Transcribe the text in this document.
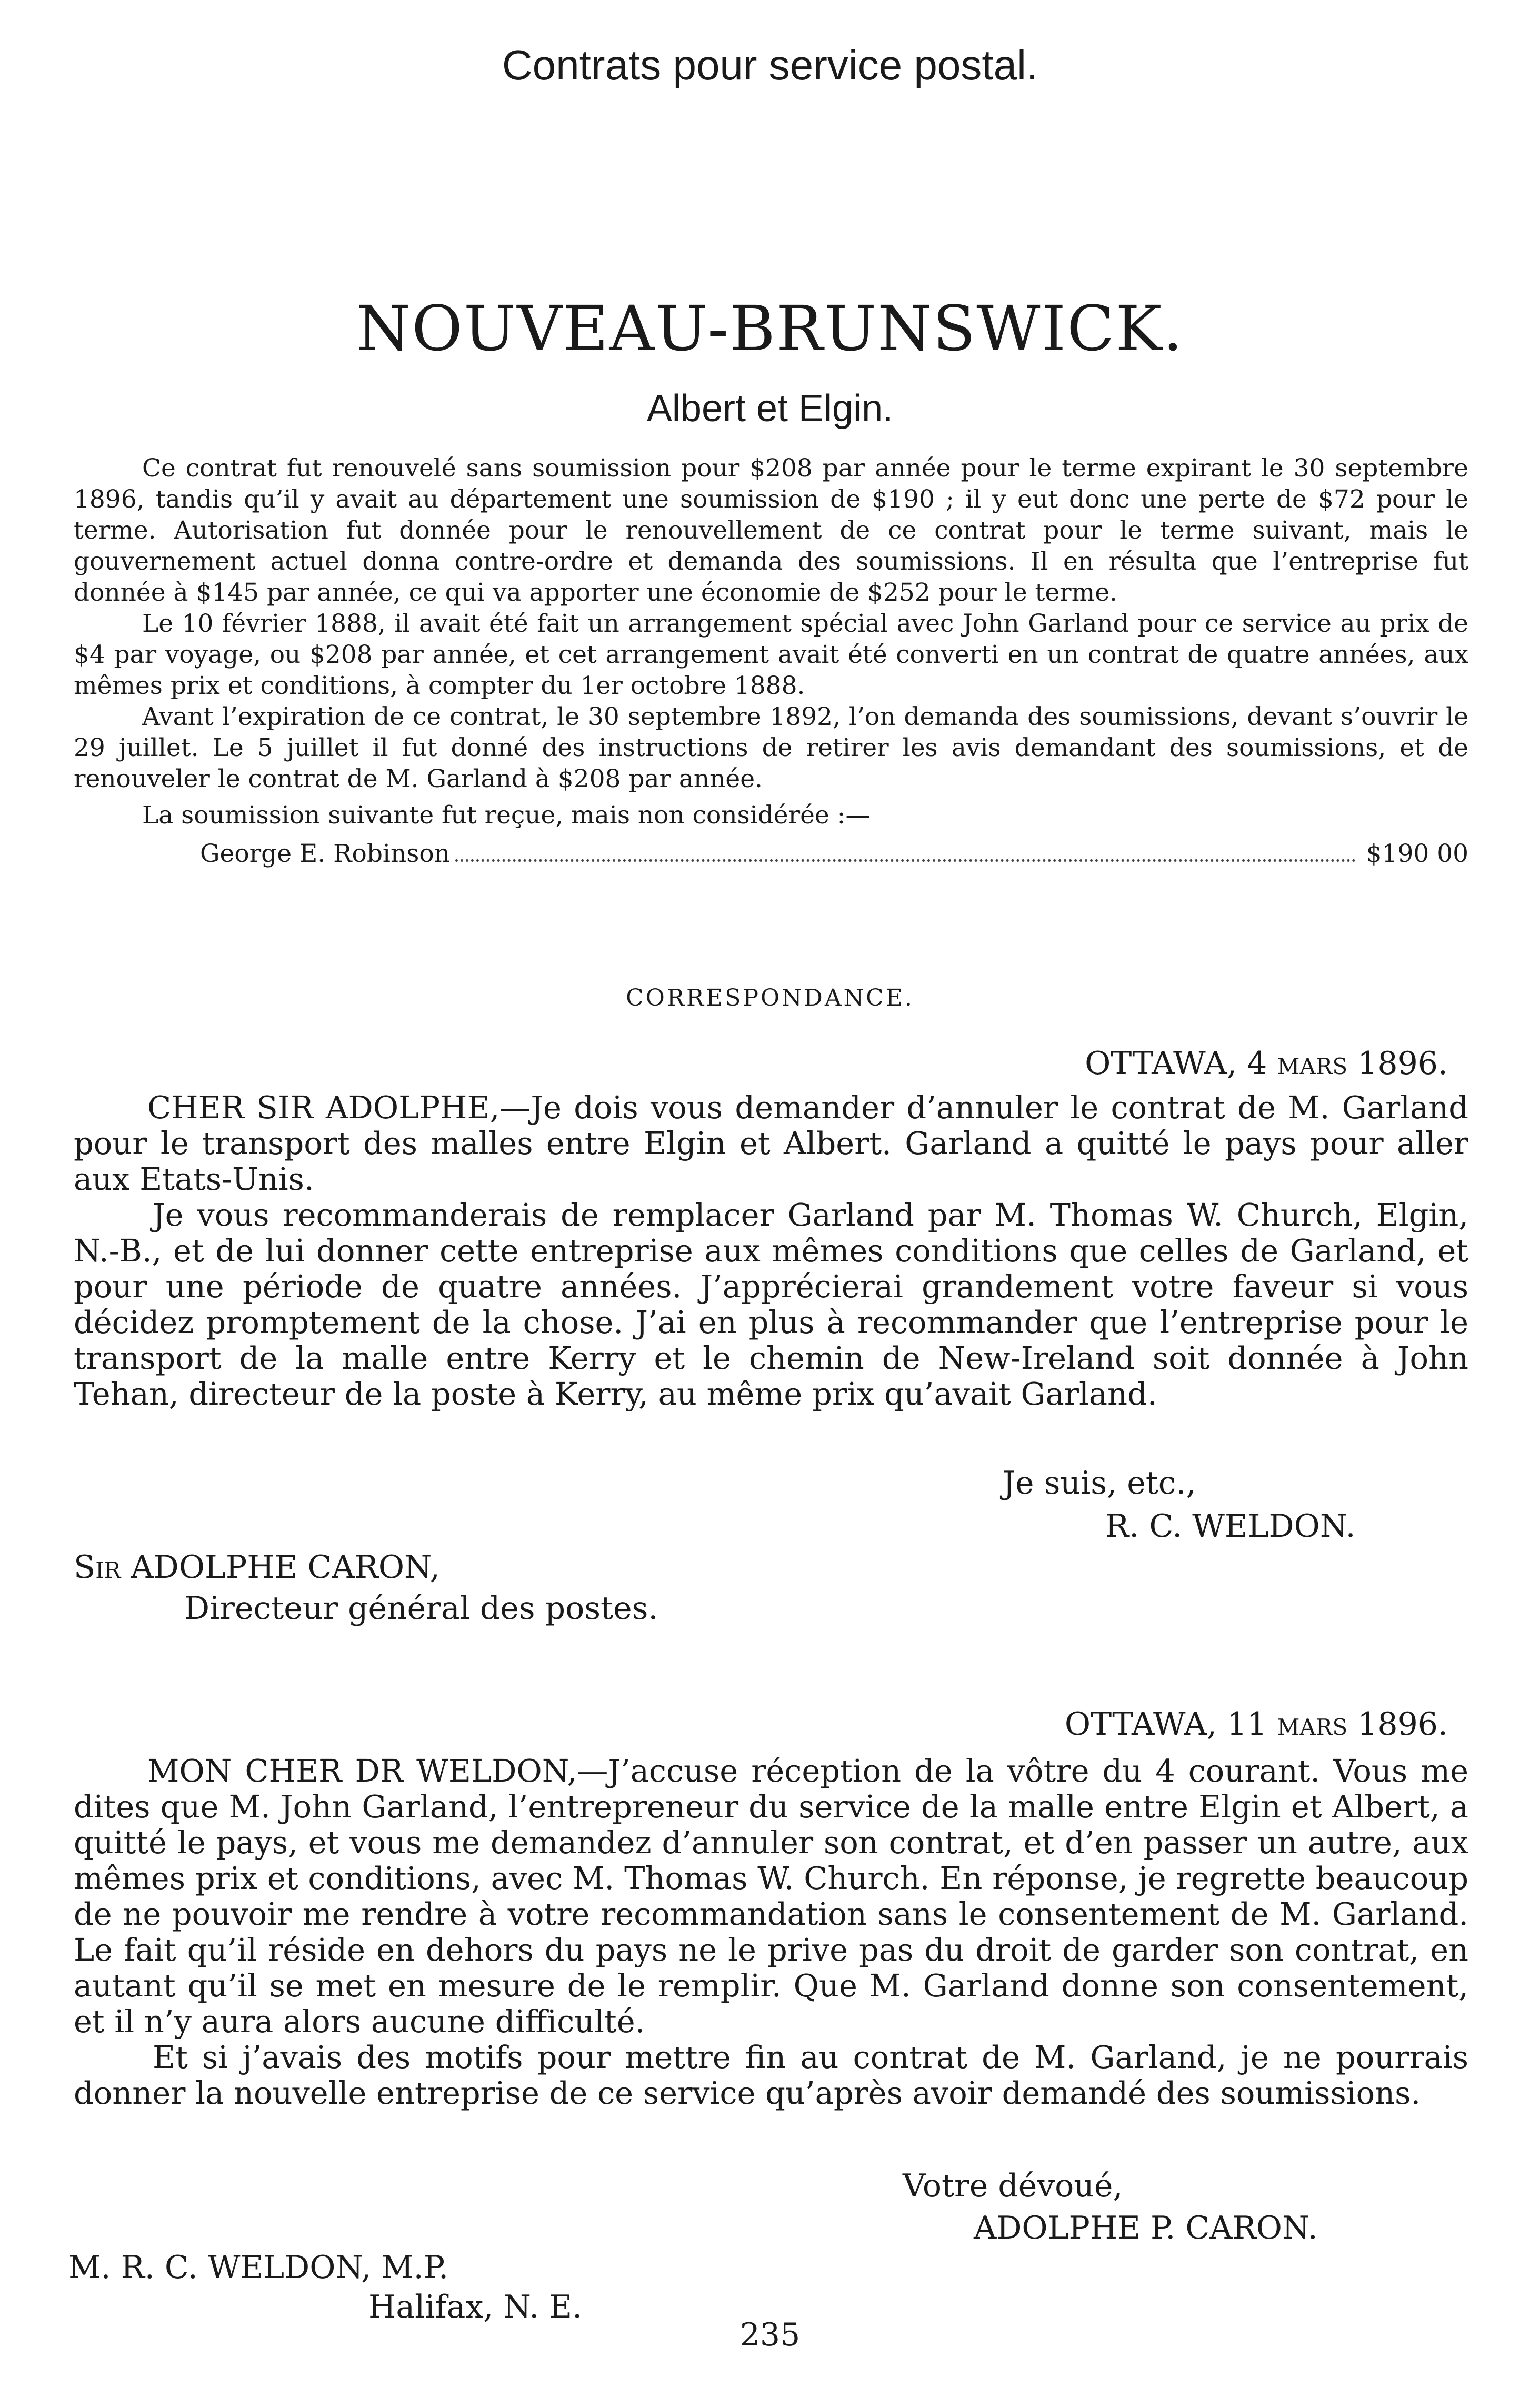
Contrats pour service postal.
NOUVEAU-BRUNSWICK.
Albert et Elgin.

Ce contrat fut renouvelé sans soumission pour $208 par année pour le terme expirant le 30 septembre 1896, tandis qu’il y avait au département une soumission de $190 ; il y eut donc une perte de $72 pour le terme. Autorisation fut donnée pour le renouvellement de ce contrat pour le terme suivant, mais le gouvernement actuel donna contre-ordre et demanda des soumissions. Il en résulta que l’entreprise fut donnée à $145 par année, ce qui va apporter une économie de $252 pour le terme.

Le 10 février 1888, il avait été fait un arrangement spécial avec John Garland pour ce service au prix de $4 par voyage, ou $208 par année, et cet arrangement avait été converti en un contrat de quatre années, aux mêmes prix et conditions, à compter du 1er octobre 1888.

Avant l’expiration de ce contrat, le 30 septembre 1892, l’on demanda des soumissions, devant s’ouvrir le 29 juillet. Le 5 juillet il fut donné des instructions de retirer les avis demandant des soumissions, et de renouveler le contrat de M. Garland à $208 par année.

La soumission suivante fut reçue, mais non considérée :—

George E. Robinson	$190 00
CORRESPONDANCE.
OTTAWA, 4 mars 1896.

CHER SIR ADOLPHE,—Je dois vous demander d’annuler le contrat de M. Garland pour le transport des malles entre Elgin et Albert. Garland a quitté le pays pour aller aux Etats-Unis.

Je vous recommanderais de remplacer Garland par M. Thomas W. Church, Elgin, N.-B., et de lui donner cette entreprise aux mêmes conditions que celles de Garland, et pour une période de quatre années. J’apprécierai grandement votre faveur si vous décidez promptement de la chose. J’ai en plus à recommander que l’entreprise pour le transport de la malle entre Kerry et le chemin de New-Ireland soit donnée à John Tehan, directeur de la poste à Kerry, au même prix qu’avait Garland.

Je suis, etc.,
R. C. WELDON.
Sir ADOLPHE CARON,
Directeur général des postes.
OTTAWA, 11 mars 1896.

MON CHER DR WELDON,—J’accuse réception de la vôtre du 4 courant. Vous me dites que M. John Garland, l’entrepreneur du service de la malle entre Elgin et Albert, a quitté le pays, et vous me demandez d’annuler son contrat, et d’en passer un autre, aux mêmes prix et conditions, avec M. Thomas W. Church. En réponse, je regrette beaucoup de ne pouvoir me rendre à votre recommandation sans le consentement de M. Garland. Le fait qu’il réside en dehors du pays ne le prive pas du droit de garder son contrat, en autant qu’il se met en mesure de le remplir. Que M. Garland donne son consentement, et il n’y aura alors aucune difficulté.

Et si j’avais des motifs pour mettre fin au contrat de M. Garland, je ne pourrais donner la nouvelle entreprise de ce service qu’après avoir demandé des soumissions.

Votre dévoué,
ADOLPHE P. CARON.
M. R. C. WELDON, M.P.
Halifax, N. E.
235
